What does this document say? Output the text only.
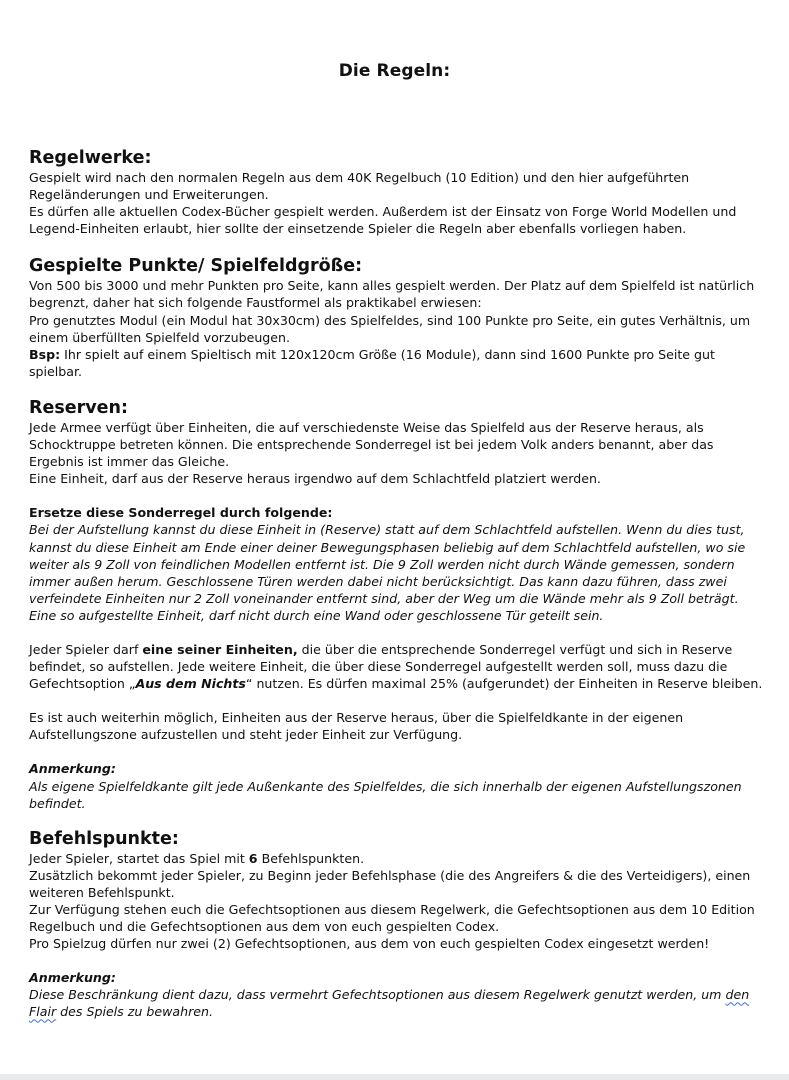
Die Regeln:
Regelwerke:

Gespielt wird nach den normalen Regeln aus dem 40K Regelbuch (10 Edition) und den hier aufgeführten Regeländerungen und Erweiterungen.

Es dürfen alle aktuellen Codex-Bücher gespielt werden. Außerdem ist der Einsatz von Forge World Modellen und Legend-Einheiten erlaubt, hier sollte der einsetzende Spieler die Regeln aber ebenfalls vorliegen haben.

Gespielte Punkte/ Spielfeldgröße:

Von 500 bis 3000 und mehr Punkten pro Seite, kann alles gespielt werden. Der Platz auf dem Spielfeld ist natürlich begrenzt, daher hat sich folgende Faustformel als praktikabel erwiesen:

Pro genutztes Modul (ein Modul hat 30x30cm) des Spielfeldes, sind 100 Punkte pro Seite, ein gutes Verhältnis, um einem überfüllten Spielfeld vorzubeugen.

Bsp: Ihr spielt auf einem Spieltisch mit 120x120cm Größe (16 Module), dann sind 1600 Punkte pro Seite gut spielbar.

Reserven:

Jede Armee verfügt über Einheiten, die auf verschiedenste Weise das Spielfeld aus der Reserve heraus, als Schocktruppe betreten können. Die entsprechende Sonderregel ist bei jedem Volk anders benannt, aber das Ergebnis ist immer das Gleiche.

Eine Einheit, darf aus der Reserve heraus irgendwo auf dem Schlachtfeld platziert werden.

Ersetze diese Sonderregel durch folgende:

Bei der Aufstellung kannst du diese Einheit in (Reserve) statt auf dem Schlachtfeld aufstellen. Wenn du dies tust, kannst du diese Einheit am Ende einer deiner Bewegungsphasen beliebig auf dem Schlachtfeld aufstellen, wo sie weiter als 9 Zoll von feindlichen Modellen entfernt ist. Die 9 Zoll werden nicht durch Wände gemessen, sondern immer außen herum. Geschlossene Türen werden dabei nicht berücksichtigt. Das kann dazu führen, dass zwei verfeindete Einheiten nur 2 Zoll voneinander entfernt sind, aber der Weg um die Wände mehr als 9 Zoll beträgt.

Eine so aufgestellte Einheit, darf nicht durch eine Wand oder geschlossene Tür geteilt sein.

Jeder Spieler darf eine seiner Einheiten, die über die entsprechende Sonderregel verfügt und sich in Reserve befindet, so aufstellen. Jede weitere Einheit, die über diese Sonderregel aufgestellt werden soll, muss dazu die Gefechtsoption „Aus dem Nichts“ nutzen. Es dürfen maximal 25% (aufgerundet) der Einheiten in Reserve bleiben.

Es ist auch weiterhin möglich, Einheiten aus der Reserve heraus, über die Spielfeldkante in der eigenen Aufstellungszone aufzustellen und steht jeder Einheit zur Verfügung.

Anmerkung:

Als eigene Spielfeldkante gilt jede Außenkante des Spielfeldes, die sich innerhalb der eigenen Aufstellungszonen befindet.

Befehlspunkte:

Jeder Spieler, startet das Spiel mit 6 Befehlspunkten.

Zusätzlich bekommt jeder Spieler, zu Beginn jeder Befehlsphase (die des Angreifers & die des Verteidigers), einen weiteren Befehlspunkt.

Zur Verfügung stehen euch die Gefechtsoptionen aus diesem Regelwerk, die Gefechtsoptionen aus dem 10 Edition Regelbuch und die Gefechtsoptionen aus dem von euch gespielten Codex.

Pro Spielzug dürfen nur zwei (2) Gefechtsoptionen, aus dem von euch gespielten Codex eingesetzt werden!

Anmerkung:

Diese Beschränkung dient dazu, dass vermehrt Gefechtsoptionen aus diesem Regelwerk genutzt werden, um den Flair des Spiels zu bewahren.
